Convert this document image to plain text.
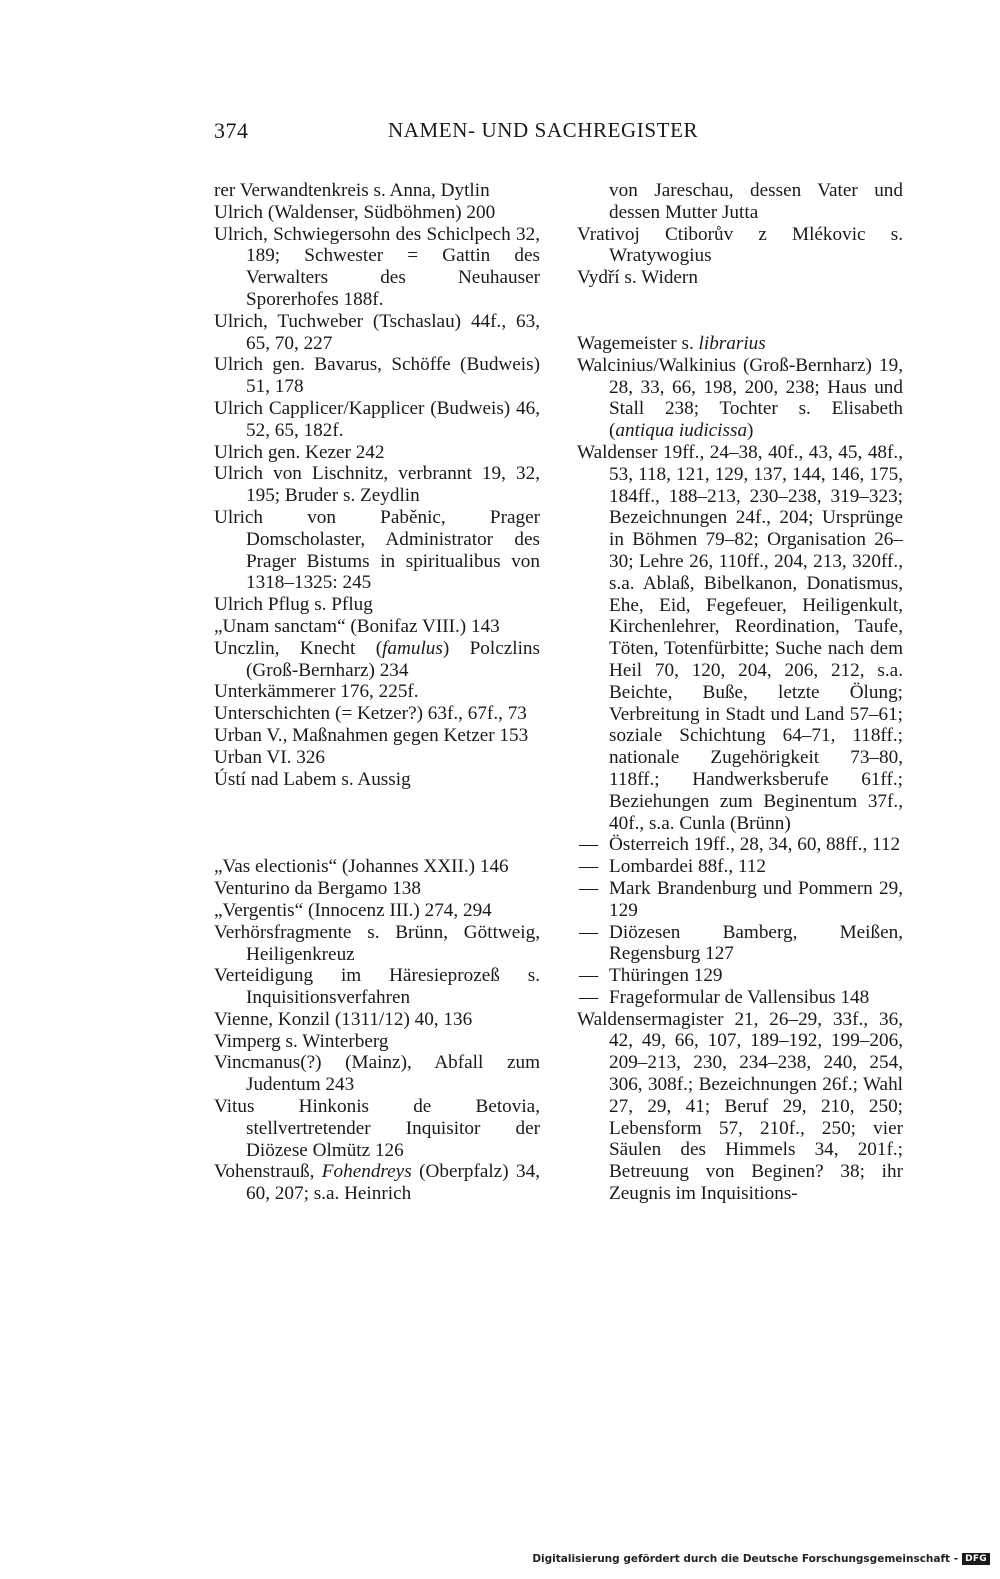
374	NAMEN- UND SACHREGISTER
rer Verwandtenkreis s. Anna, Dytlin
Ulrich (Waldenser, Südböhmen) 200
Ulrich, Schwiegersohn des Schiclpech 32, 189; Schwester = Gattin des Verwalters des Neuhauser Sporerhofes 188f.
Ulrich, Tuchweber (Tschaslau) 44f., 63, 65, 70, 227
Ulrich gen. Bavarus, Schöffe (Budweis) 51, 178
Ulrich Capplicer/Kapplicer (Budweis) 46, 52, 65, 182f.
Ulrich gen. Kezer 242
Ulrich von Lischnitz, verbrannt 19, 32, 195; Bruder s. Zeydlin
Ulrich von Paběnic, Prager Domscholaster, Administrator des Prager Bistums in spiritualibus von 1318–1325: 245
Ulrich Pflug s. Pflug
„Unam sanctam“ (Bonifaz VIII.) 143
Unczlin, Knecht (famulus) Polczlins (Groß-Bernharz) 234
Unterkämmerer 176, 225f.
Unterschichten (= Ketzer?) 63f., 67f., 73
Urban V., Maßnahmen gegen Ketzer 153
Urban VI. 326
Ústí nad Labem s. Aussig
„Vas electionis“ (Johannes XXII.) 146
Venturino da Bergamo 138
„Vergentis“ (Innocenz III.) 274, 294
Verhörsfragmente s. Brünn, Göttweig, Heiligenkreuz
Verteidigung im Häresieprozeß s. Inquisitionsverfahren
Vienne, Konzil (1311/12) 40, 136
Vimperg s. Winterberg
Vincmanus(?) (Mainz), Abfall zum Judentum 243
Vitus Hinkonis de Betovia, stellvertretender Inquisitor der Diözese Olmütz 126
Vohenstrauß, Fohendreys (Oberpfalz) 34, 60, 207; s.a. Heinrich
von Jareschau, dessen Vater und dessen Mutter Jutta
Vrativoj Ctiborův z Mlékovic s. Wratywogius
Vydří s. Widern
Wagemeister s. librarius
Walcinius/Walkinius (Groß-Bernharz) 19, 28, 33, 66, 198, 200, 238; Haus und Stall 238; Tochter s. Elisabeth (antiqua iudicissa)
Waldenser 19ff., 24–38, 40f., 43, 45, 48f., 53, 118, 121, 129, 137, 144, 146, 175, 184ff., 188–213, 230–238, 319–323; Bezeichnungen 24f., 204; Ursprünge in Böhmen 79–82; Organisation 26–30; Lehre 26, 110ff., 204, 213, 320ff., s.a. Ablaß, Bibelkanon, Donatismus, Ehe, Eid, Fegefeuer, Heiligenkult, Kirchenlehrer, Reordination, Taufe, Töten, Totenfürbitte; Suche nach dem Heil 70, 120, 204, 206, 212, s.a. Beichte, Buße, letzte Ölung; Verbreitung in Stadt und Land 57–61; soziale Schichtung 64–71, 118ff.; nationale Zugehörigkeit 73–80, 118ff.; Handwerksberufe 61ff.; Beziehungen zum Beginentum 37f., 40f., s.a. Cunla (Brünn)
— Österreich 19ff., 28, 34, 60, 88ff., 112
— Lombardei 88f., 112
— Mark Brandenburg und Pommern 29, 129
— Diözesen Bamberg, Meißen, Regensburg 127
— Thüringen 129
— Frageformular de Vallensibus 148
Waldensermagister 21, 26–29, 33f., 36, 42, 49, 66, 107, 189–192, 199–206, 209–213, 230, 234–238, 240, 254, 306, 308f.; Bezeichnungen 26f.; Wahl 27, 29, 41; Beruf 29, 210, 250; Lebensform 57, 210f., 250; vier Säulen des Himmels 34, 201f.; Betreuung von Beginen? 38; ihr Zeugnis im Inquisitions-
Digitalisierung gefördert durch die Deutsche Forschungsgemeinschaft - DFG
